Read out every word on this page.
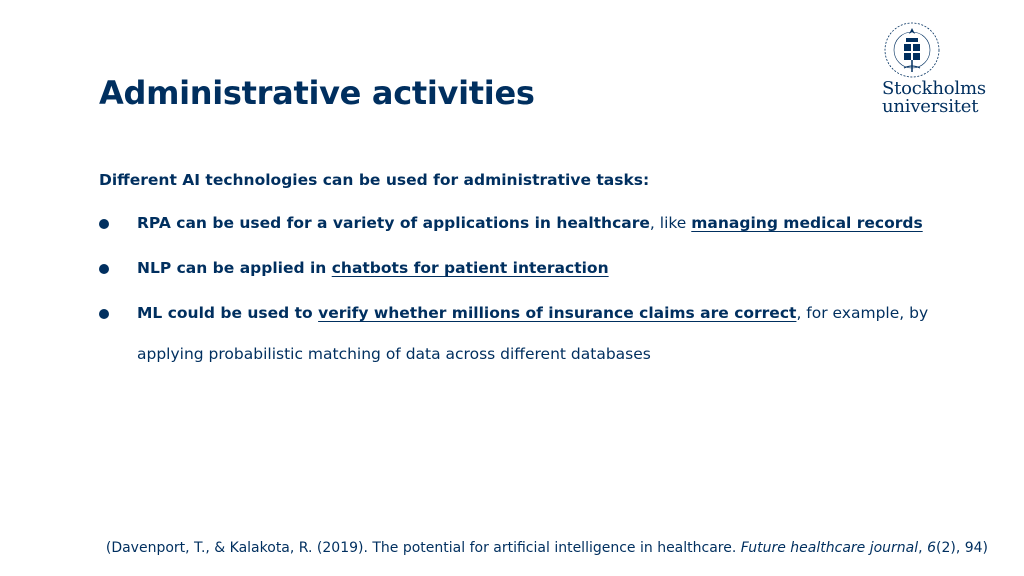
Administrative activities	Stockholms
universitet

Different AI technologies can be used for administrative tasks:

RPA can be used for a variety of applications in healthcare, like managing medical records
NLP can be applied in chatbots for patient interaction
ML could be used to verify whether millions of insurance claims are correct, for example, by applying probabilistic matching of data across different databases

(Davenport, T., & Kalakota, R. (2019). The potential for artificial intelligence in healthcare. Future healthcare journal, 6(2), 94)
